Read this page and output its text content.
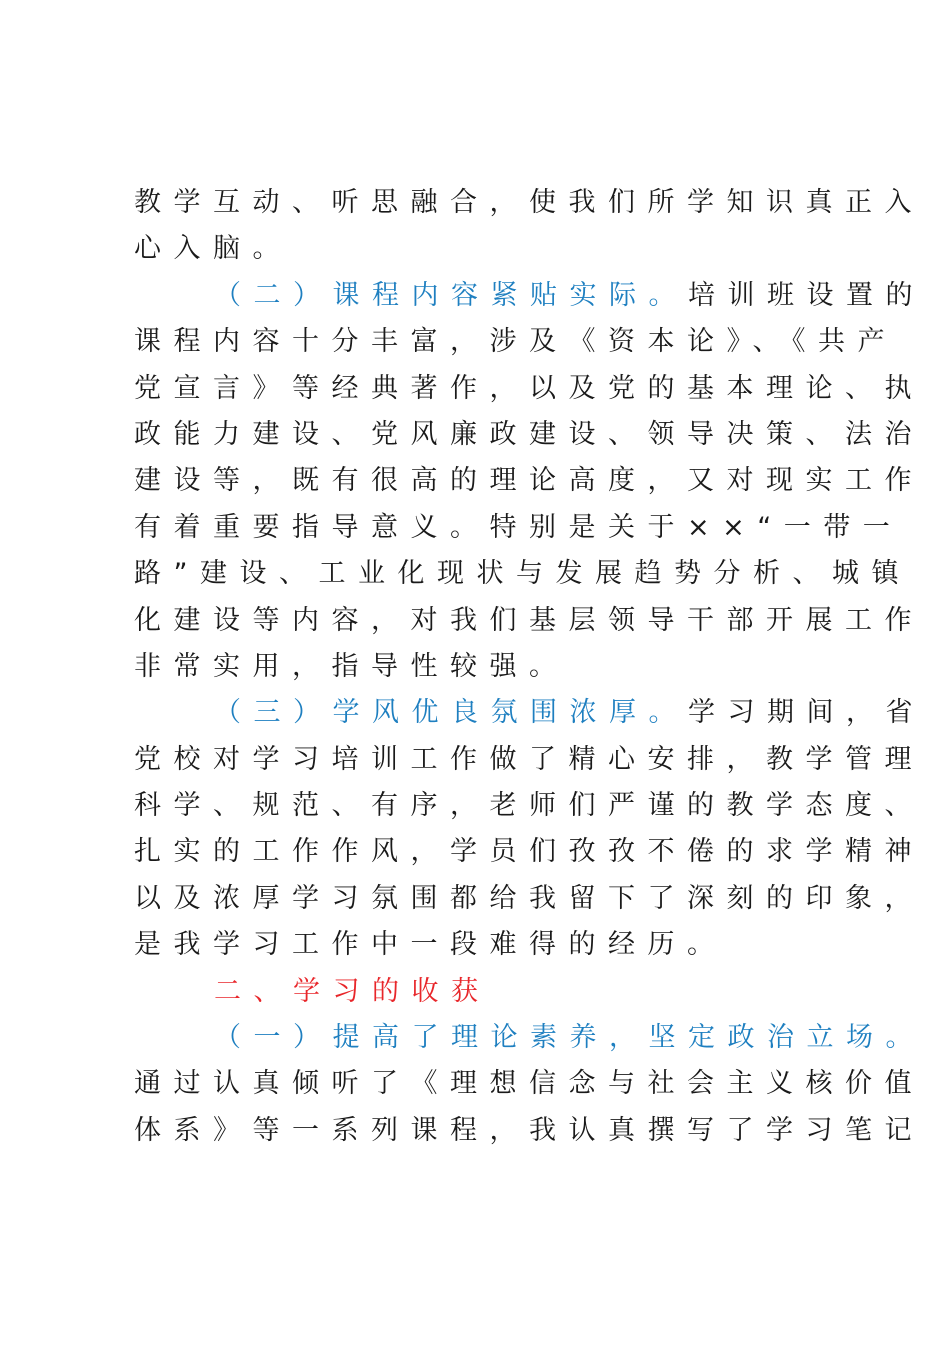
教学互动、听思融合，使我们所学知识真正入
心入脑。
（二）课程内容紧贴实际。培训班设置的
课程内容十分丰富，涉及《资本论》、《共产
党宣言》等经典著作，以及党的基本理论、执
政能力建设、党风廉政建设、领导决策、法治
建设等，既有很高的理论高度，又对现实工作
有着重要指导意义。特别是关于××“一带一
路”建设、工业化现状与发展趋势分析、城镇
化建设等内容，对我们基层领导干部开展工作
非常实用，指导性较强。
（三）学风优良氛围浓厚。学习期间，省
党校对学习培训工作做了精心安排，教学管理
科学、规范、有序，老师们严谨的教学态度、
扎实的工作作风，学员们孜孜不倦的求学精神
以及浓厚学习氛围都给我留下了深刻的印象，
是我学习工作中一段难得的经历。
二、学习的收获
（一）提高了理论素养，坚定政治立场。
通过认真倾听了《理想信念与社会主义核价值
体系》等一系列课程，我认真撰写了学习笔记
